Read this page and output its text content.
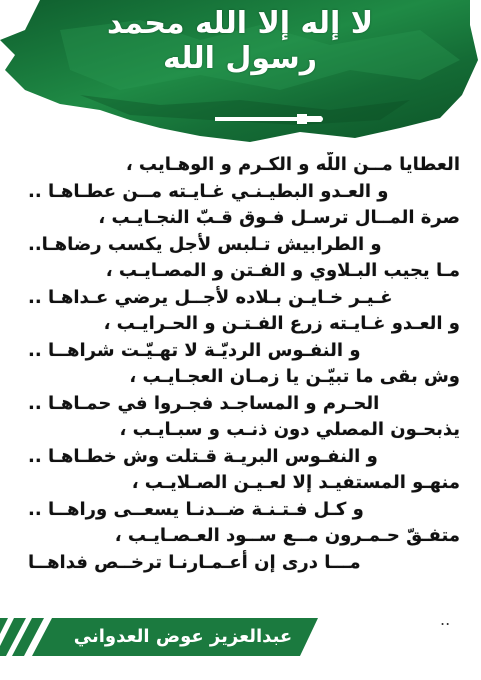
لا إله إلا الله محمد رسول الله
العطايا مــن اللّه و الكـرم و الوهـايب ،
و العـدو البطيـنـي غـايـته مــن عطـاهـا ..
صرة المــال ترسـل فـوق قـبّ النجـايـب ،
و الطرابيش تـلبس لأجل يكسب رضاهـا..
مـا يجيب البـلاوي و الفـتن و المصـايـب ،
غـيـر خـايـن بـلاده لأجــل يرضي عـداهـا ..
و العـدو غـايـته زرع الفـتـن و الحـرايـب ،
و النفـوس الرديّـة لا تهـيّـت شراهــا ..
وش بقى ما تبيّـن يا زمـان العجـايـب ،
الحـرم و المساجـد فجـروا في حمـاهـا ..
يذبحـون المصلي دون ذنـب و سبـايـب ،
و النفـوس البريـة قـتلت وش خطـاهـا ..
منهـو المستفيـد إلا لعـيـن الصـلايـب ،
و كـل فـتـنـة ضــدنـا يسعــى وراهــا ..
متفـقّ حـمـرون مــع ســود العـصـايـب ،
مـــا درى إن أعـمـارنـا ترخــص فداهــا
عبدالعزيز عوض العدواني
..
